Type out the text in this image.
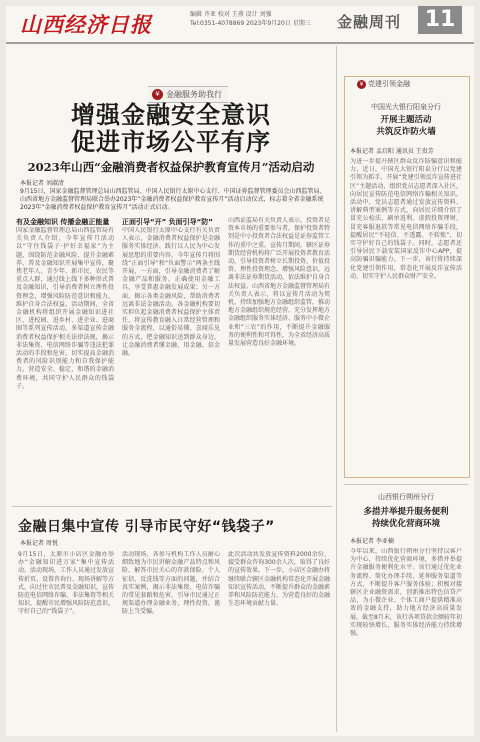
山西经济日报	编辑 齐亚 校对 王燕 设计 刘强
Tel:0351-4078869 2023年9月20日 星期三	金融周刊	11
¥ 金融服务助我行
增强金融安全意识
促进市场公平有序
2023年山西“金融消费者权益保护教育宣传月”活动启动
本报记者 刘淑清
9月15日，国家金融监督管理总局山西监管局、中国人民银行太原中心支行、中国证券监督管理委员会山西监管局、山西省地方金融监督管理局联合举办2023年“金融消费者权益保护教育宣传月”活动启动仪式，标志着全省金融系统2023年“金融消费者权益保护教育宣传月”活动正式启动。
有及金融知识 传播金融正能量
国家金融监督管理总局山西监管局有关负责人介绍，今年宣传月活动以“守住钱袋子·护好幸福家”为主题，围绕防范金融风险、提升金融素养、普及金融知识开展集中宣传，聚焦老年人、青少年、新市民、农民等重点人群，通过线上线下多种形式普及金融知识，引导消费者树立理性投资理念，增强风险防范意识和能力，维护自身合法权益。活动期间，全省金融机构将组织开展金融知识进社区、进校园、进乡村、进企业、进商圈等系列宣传活动，多渠道宣传金融消费者权益保护相关法律法规，揭示非法集资、电信网络诈骗等违法犯罪活动的手段和危害，切实提高金融消费者的风险识别能力和自我保护能力，营造安全、稳定、和谐的金融消费环境，共同守护人民群众的钱袋子。
正面引导“开” 负面引导“防”
中国人民银行太原中心支行有关负责人表示，金融消费者权益保护是金融服务实体经济、践行以人民为中心发展思想的重要内容。今年宣传月将围绕“正面引导”和“负面警示”两条主线开展，一方面，引导金融消费者了解金融产品和服务，正确使用金融工具，享受普惠金融发展成果；另一方面，揭示各类金融风险，帮助消费者远离非法金融活动。各金融机构要切实担负起金融消费者权益保护主体责任，将宣传教育融入日常经营管理和服务全流程，以通俗易懂、喜闻乐见的方式，把金融知识送到群众身边，让金融消费者懂金融、用金融、信金融。
山西证监局有关负责人表示，投资者是资本市场的重要参与者，保护投资者特别是中小投资者合法权益是证券监管工作的重中之重。宣传月期间，辖区证券期货经营机构将广泛开展投资者教育活动，引导投资者树立长期投资、价值投资、理性投资理念，增强风险意识，远离非法证券期货活动，依法维护自身合法权益。山西省地方金融监督管理局有关负责人表示，将以宣传月活动为契机，持续加强地方金融组织监管，推动地方金融组织规范经营，充分发挥地方金融组织服务实体经济、服务中小微企业和“三农”的作用，不断提升金融服务的便利性和可得性，为全省经济高质量发展营造良好金融环境。
金融日集中宣传 引导市民守好“钱袋子”
本报记者 周悦
9月15日，太原市小店区金融办举办“金融知识进万家”集中宣传活动。活动现场，工作人员通过发放宣传折页、设置咨询台、现场讲解等方式，向过往市民普及金融知识，宣传防范电信网络诈骗、非法集资等相关知识，提醒市民增强风险防范意识，守好自己的“钱袋子”。
活动现场，各参与机构工作人员耐心细致地为市民讲解金融产品特点和风险，解答市民关心的存款保险、个人征信、反洗钱等方面的问题，并结合真实案例，揭示非法集资、电信诈骗的常见套路和危害，引导市民通过正规渠道办理金融业务，理性投资，谨防上当受骗。
此次活动共发放宣传资料2000余份，接受群众咨询300余人次，取得了良好的宣传效果。下一步，小店区金融办将继续联合辖区金融机构常态化开展金融知识宣传活动，不断提升群众的金融素养和风险防范能力，为营造良好的金融生态环境贡献力量。
¥ 党建引领金融
中国光大银行阳泉分行
开展主题活动
共筑反诈防火墙
本报记者 孟启阳 通讯员 王贵芳
为进一步提升辖区群众反诈防骗意识和能力，近日，中国光大银行阳泉分行以党建引领为抓手，开展“党建引领反诈宣传进社区”主题活动，组织党员志愿者深入社区，向居民宣传防范电信网络诈骗相关知识。活动中，党员志愿者通过发放宣传资料、讲解典型案例等方式，向居民详细介绍了冒充公检法、刷单返利、虚假投资理财、冒充客服退款等常见电信网络诈骗手段，提醒居民“不轻信、不透露、不转账”，切实守护好自己的钱袋子。同时，志愿者还引导居民下载安装国家反诈中心APP，提高防骗识骗能力。下一步，该行将持续深化党建引领作用，常态化开展反诈宣传活动，切实守护人民群众财产安全。
山西银行朔州分行
多措并举提升服务便利
持续优化营商环境
本报记者 李亚楠
今年以来，山西银行朔州分行坚持以客户为中心，持续优化营商环境，多措并举提升金融服务便利化水平。该行通过优化业务流程、简化办理手续、延伸服务渠道等方式，不断提升客户服务体验；积极对接辖区企业融资需求，创新推出特色信贷产品，为小微企业、个体工商户提供精准高效的金融支持，助力地方经济高质量发展。截至8月末，该行各项贷款余额较年初实现较快增长，服务实体经济能力持续增强。
